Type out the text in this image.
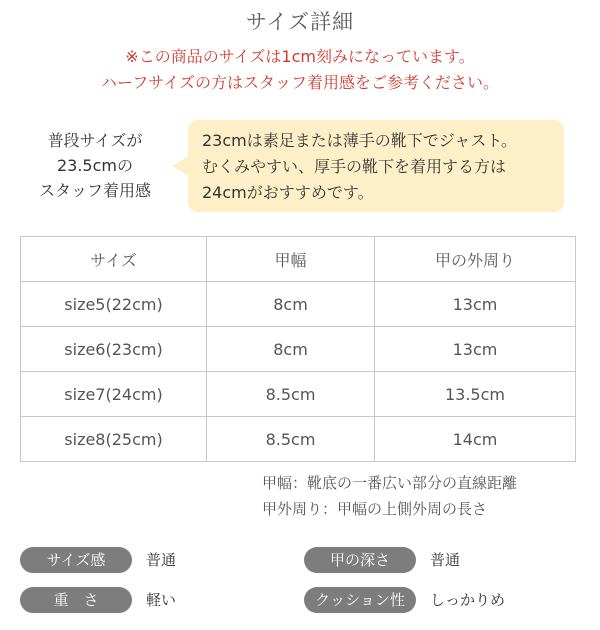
サイズ詳細
※この商品のサイズは1cm刻みになっています。
ハーフサイズの方はスタッフ着用感をご参考ください。
普段サイズが
23.5cmの
スタッフ着用感
23cmは素足または薄手の靴下でジャスト。
むくみやすい、厚手の靴下を着用する方は
24cmがおすすめです。
サイズ	甲幅	甲の外周り
size5(22cm)	8cm	13cm
size6(23cm)	8cm	13cm
size7(24cm)	8.5cm	13.5cm
size8(25cm)	8.5cm	14cm
甲幅：靴底の一番広い部分の直線距離
甲外周り：甲幅の上側外周の長さ
サイズ感	普通	甲の深さ	普通
重　さ	軽い	クッション性	しっかりめ
